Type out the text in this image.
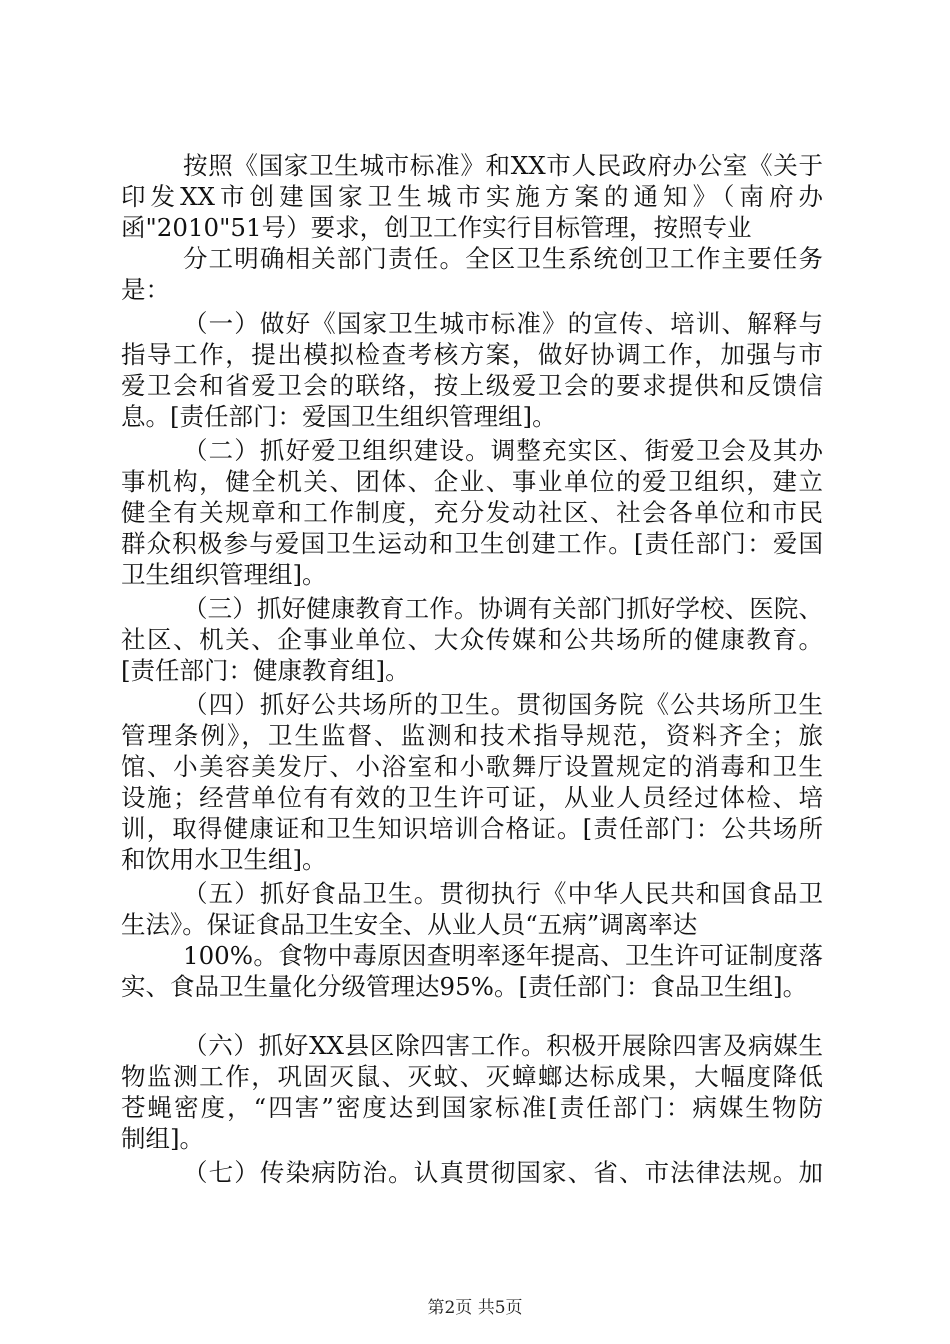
按照《国家卫生城市标准》和XX市人民政府办公室《关于
印发XX市创建国家卫生城市实施方案的通知》（南府办
函"2010"51号）要求，创卫工作实行目标管理，按照专业
分工明确相关部门责任。全区卫生系统创卫工作主要任务
是：
（一）做好《国家卫生城市标准》的宣传、培训、解释与
指导工作，提出模拟检查考核方案，做好协调工作，加强与市
爱卫会和省爱卫会的联络，按上级爱卫会的要求提供和反馈信
息。[责任部门：爱国卫生组织管理组]。
（二）抓好爱卫组织建设。调整充实区、街爱卫会及其办
事机构，健全机关、团体、企业、事业单位的爱卫组织，建立
健全有关规章和工作制度，充分发动社区、社会各单位和市民
群众积极参与爱国卫生运动和卫生创建工作。[责任部门：爱国
卫生组织管理组]。
（三）抓好健康教育工作。协调有关部门抓好学校、医院、
社区、机关、企事业单位、大众传媒和公共场所的健康教育。
[责任部门：健康教育组]。
（四）抓好公共场所的卫生。贯彻国务院《公共场所卫生
管理条例》，卫生监督、监测和技术指导规范，资料齐全；旅
馆、小美容美发厅、小浴室和小歌舞厅设置规定的消毒和卫生
设施；经营单位有有效的卫生许可证，从业人员经过体检、培
训，取得健康证和卫生知识培训合格证。[责任部门：公共场所
和饮用水卫生组]。
（五）抓好食品卫生。贯彻执行《中华人民共和国食品卫
生法》。保证食品卫生安全、从业人员“五病”调离率达
100%。食物中毒原因查明率逐年提高、卫生许可证制度落
实、食品卫生量化分级管理达95%。[责任部门：食品卫生组]。
（六）抓好XX县区除四害工作。积极开展除四害及病媒生
物监测工作，巩固灭鼠、灭蚊、灭蟑螂达标成果，大幅度降低
苍蝇密度，“四害”密度达到国家标准[责任部门：病媒生物防
制组]。
（七）传染病防治。认真贯彻国家、省、市法律法规。加
第2页 共5页
